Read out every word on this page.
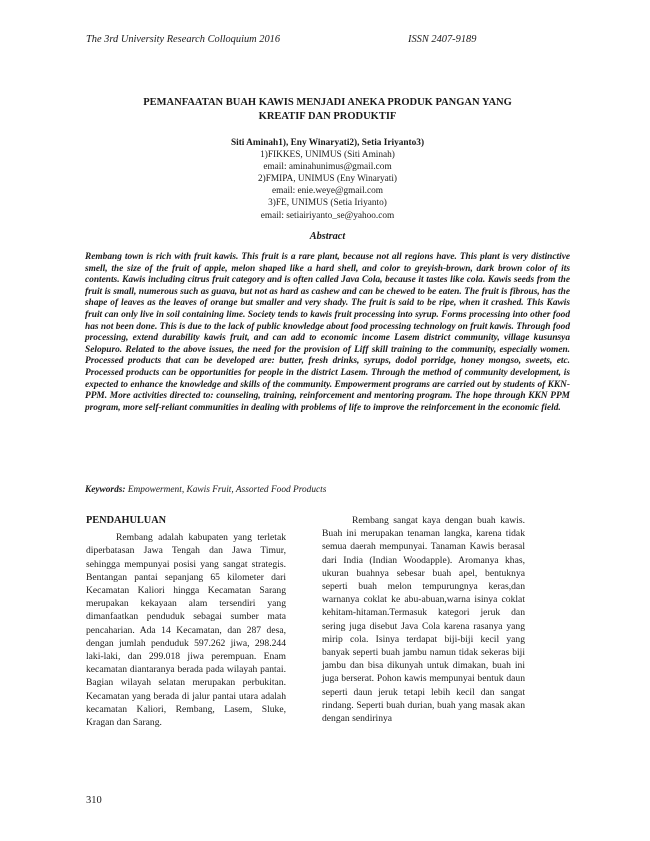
The 3rd University Research Colloquium 2016	ISSN 2407-9189
PEMANFAATAN BUAH KAWIS MENJADI ANEKA PRODUK PANGAN YANG
KREATIF DAN PRODUKTIF
Siti Aminah1), Eny Winaryati2), Setia Iriyanto3)
1)FIKKES, UNIMUS (Siti Aminah)
email: aminahunimus@gmail.com
2)FMIPA, UNIMUS (Eny Winaryati)
email: enie.weye@gmail.com
3)FE, UNIMUS (Setia Iriyanto)
email: setiairiyanto_se@yahoo.com
Abstract
Rembang town is rich with fruit kawis. This fruit is a rare plant, because not all regions have. This plant is very distinctive smell, the size of the fruit of apple, melon shaped like a hard shell, and color to greyish-brown, dark brown color of its contents. Kawis including citrus fruit category and is often called Java Cola, because it tastes like cola. Kawis seeds from the fruit is small, numerous such as guava, but not as hard as cashew and can be chewed to be eaten. The fruit is fibrous, has the shape of leaves as the leaves of orange but smaller and very shady. The fruit is said to be ripe, when it crashed. This Kawis fruit can only live in soil containing lime. Society tends to kawis fruit processing into syrup. Forms processing into other food has not been done. This is due to the lack of public knowledge about food processing technology on fruit kawis. Through food processing, extend durability kawis fruit, and can add to economic income Lasem district community, village kusunsya Selopuro. Related to the above issues, the need for the provision of Liff skill training to the community, especially women. Processed products that can be developed are: butter, fresh drinks, syrups, dodol porridge, honey mongso, sweets, etc. Processed products can be opportunities for people in the district Lasem. Through the method of community development, is expected to enhance the knowledge and skills of the community. Empowerment programs are carried out by students of KKN-PPM. More activities directed to: counseling, training, reinforcement and mentoring program. The hope through KKN PPM program, more self-reliant communities in dealing with problems of life to improve the reinforcement in the economic field.
Keywords: Empowerment, Kawis Fruit, Assorted Food Products
PENDAHULUAN

Rembang adalah kabupaten yang terletak diperbatasan Jawa Tengah dan Jawa Timur, sehingga mempunyai posisi yang sangat strategis. Bentangan pantai sepanjang 65 kilometer dari Kecamatan Kaliori hingga Kecamatan Sarang merupakan kekayaan alam tersendiri yang dimanfaatkan penduduk sebagai sumber mata pencaharian. Ada 14 Kecamatan, dan 287 desa, dengan jumlah penduduk 597.262 jiwa, 298.244 laki-laki, dan 299.018 jiwa perempuan. Enam kecamatan diantaranya berada pada wilayah pantai. Bagian wilayah selatan merupakan perbukitan. Kecamatan yang berada di jalur pantai utara adalah kecamatan Kaliori, Rembang, Lasem, Sluke, Kragan dan Sarang.

Rembang sangat kaya dengan buah kawis. Buah ini merupakan tenaman langka, karena tidak semua daerah mempunyai. Tanaman Kawis berasal dari India (Indian Woodapple). Aromanya khas, ukuran buahnya sebesar buah apel, bentuknya seperti buah melon tempurungnya keras,dan warnanya coklat ke abu-abuan,warna isinya coklat kehitam-hitaman.Termasuk kategori jeruk dan sering juga disebut Java Cola karena rasanya yang mirip cola. Isinya terdapat biji-biji kecil yang banyak seperti buah jambu namun tidak sekeras biji jambu dan bisa dikunyah untuk dimakan, buah ini juga berserat. Pohon kawis mempunyai bentuk daun seperti daun jeruk tetapi lebih kecil dan sangat rindang. Seperti buah durian, buah yang masak akan dengan sendirinya

310
